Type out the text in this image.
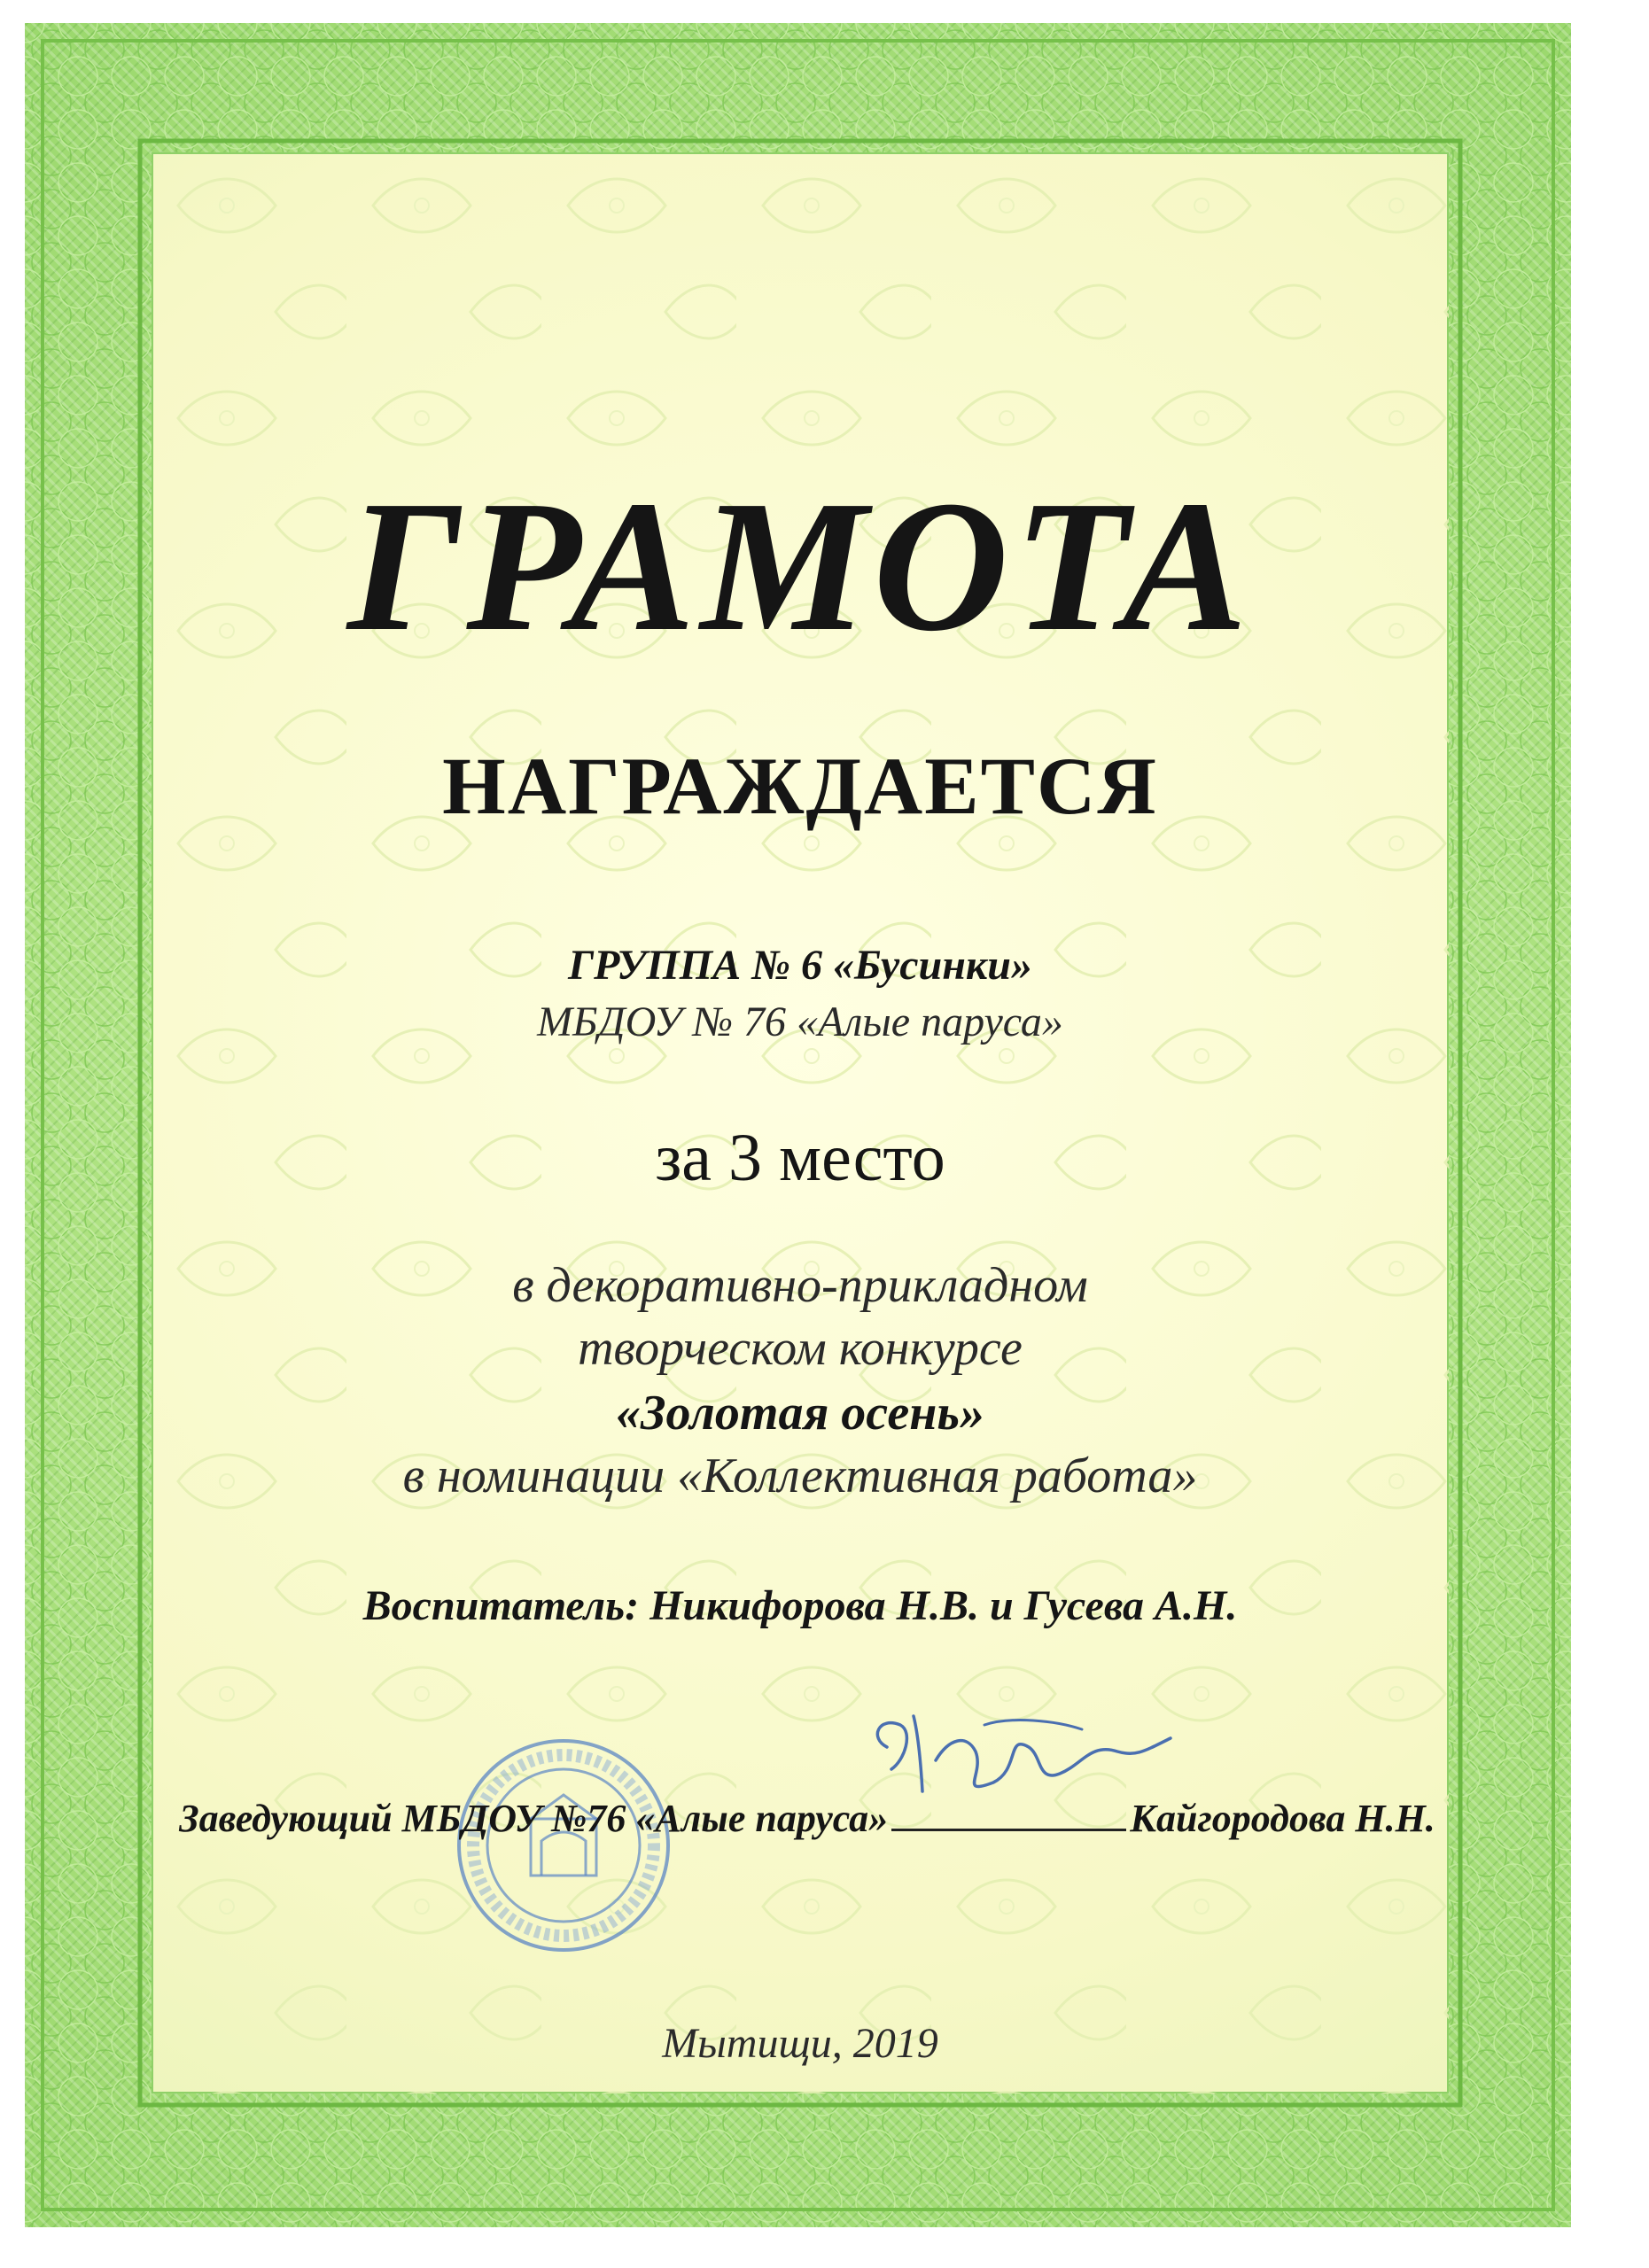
ГРАМОТА
НАГРАЖДАЕТСЯ
ГРУППА № 6 «Бусинки»
МБДОУ № 76 «Алые паруса»
за 3 место
в декоративно-прикладном
творческом конкурсе
«Золотая осень»
в номинации «Коллективная работа»
Воспитатель: Никифорова Н.В. и Гусева А.Н.
Заведующий МБДОУ №76 «Алые паруса»	Кайгородова Н.Н.
Мытищи, 2019
